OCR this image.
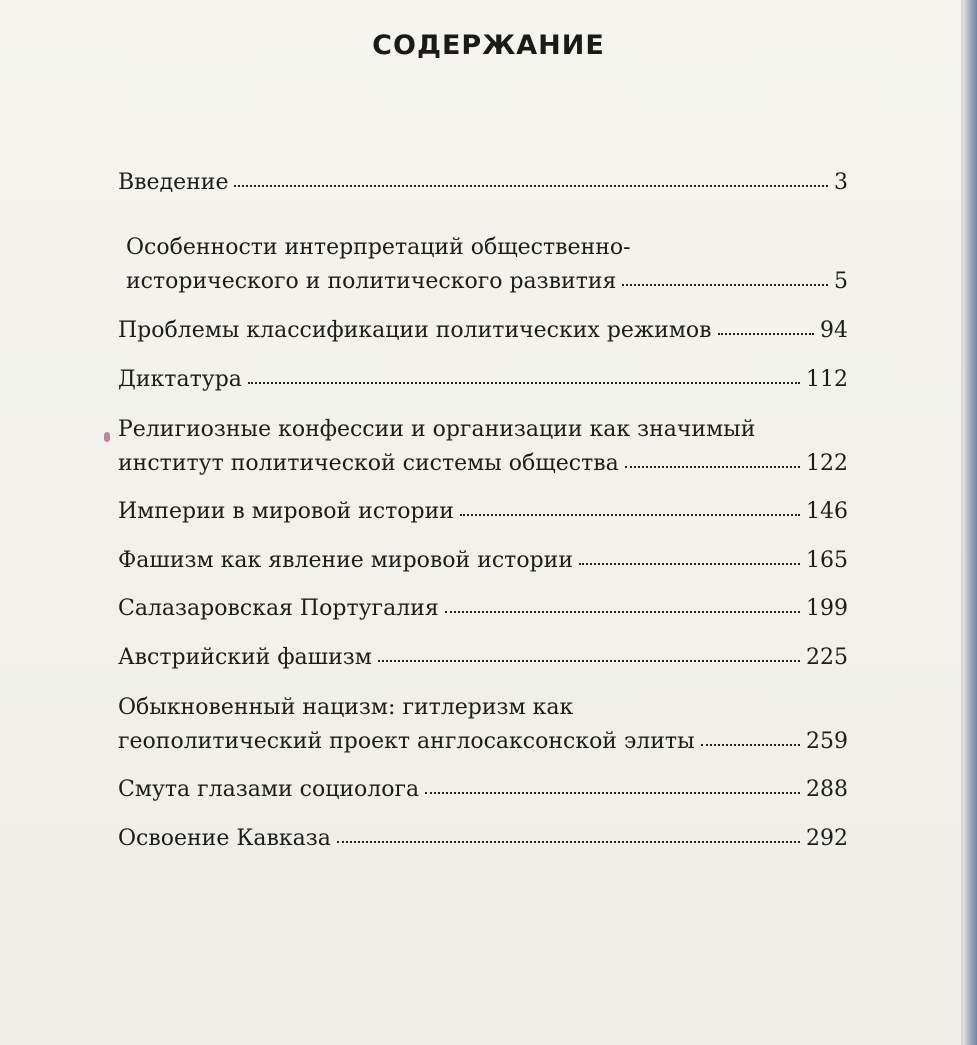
СОДЕРЖАНИЕ
Введение	3
Особенности интерпретаций общественно-
исторического и политического развития	5
Проблемы классификации политических режимов	94
Диктатура	112
Религиозные конфессии и организации как значимый
институт политической системы общества	122
Империи в мировой истории	146
Фашизм как явление мировой истории	165
Салазаровская Португалия	199
Австрийский фашизм	225
Обыкновенный нацизм: гитлеризм как
геополитический проект англосаксонской элиты	259
Смута глазами социолога	288
Освоение Кавказа	292
